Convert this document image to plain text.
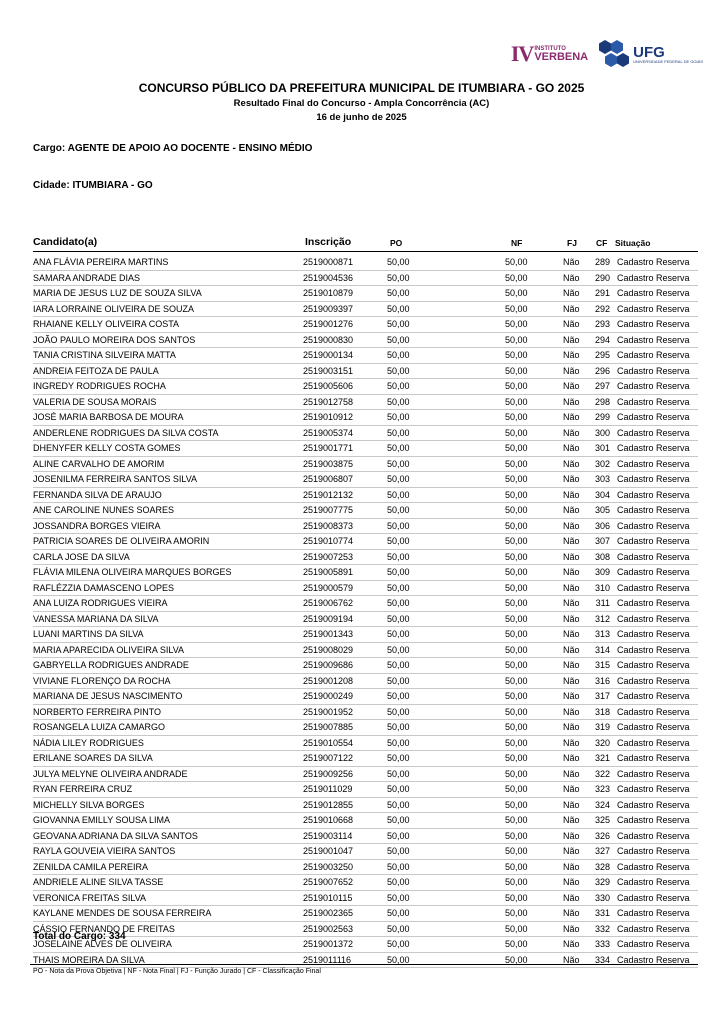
IV INSTITUTO
VERBENA	UFG
UNIVERSIDADE FEDERAL DE GOIÁS
CONCURSO PÚBLICO DA PREFEITURA MUNICIPAL DE ITUMBIARA - GO 2025
Resultado Final do Concurso - Ampla Concorrência (AC)
16 de junho de 2025
Cargo: AGENTE DE APOIO AO DOCENTE - ENSINO MÉDIO
Cidade: ITUMBIARA - GO
Candidato(a)	Inscrição	PO	NF	FJ CF Situação
ANA FLÁVIA PEREIRA MARTINS	2519000871	50,00	50,00	Não	289 Cadastro Reserva
SAMARA ANDRADE DIAS	2519004536	50,00	50,00	Não	290 Cadastro Reserva
MARIA DE JESUS LUZ DE SOUZA SILVA	2519010879	50,00	50,00	Não	291 Cadastro Reserva
IARA LORRAINE OLIVEIRA DE SOUZA	2519009397	50,00	50,00	Não	292 Cadastro Reserva
RHAIANE KELLY OLIVEIRA COSTA	2519001276	50,00	50,00	Não	293 Cadastro Reserva
JOÃO PAULO MOREIRA DOS SANTOS	2519000830	50,00	50,00	Não	294 Cadastro Reserva
TANIA CRISTINA SILVEIRA MATTA	2519000134	50,00	50,00	Não	295 Cadastro Reserva
ANDREIA FEITOZA DE PAULA	2519003151	50,00	50,00	Não	296 Cadastro Reserva
INGREDY RODRIGUES ROCHA	2519005606	50,00	50,00	Não	297 Cadastro Reserva
VALERIA DE SOUSA MORAIS	2519012758	50,00	50,00	Não	298 Cadastro Reserva
JOSÉ MARIA BARBOSA DE MOURA	2519010912	50,00	50,00	Não	299 Cadastro Reserva
ANDERLENE RODRIGUES DA SILVA COSTA	2519005374	50,00	50,00	Não	300 Cadastro Reserva
DHENYFER KELLY COSTA GOMES	2519001771	50,00	50,00	Não	301 Cadastro Reserva
ALINE CARVALHO DE AMORIM	2519003875	50,00	50,00	Não	302 Cadastro Reserva
JOSENILMA FERREIRA SANTOS SILVA	2519006807	50,00	50,00	Não	303 Cadastro Reserva
FERNANDA SILVA DE ARAUJO	2519012132	50,00	50,00	Não	304 Cadastro Reserva
ANE CAROLINE NUNES SOARES	2519007775	50,00	50,00	Não	305 Cadastro Reserva
JOSSANDRA BORGES VIEIRA	2519008373	50,00	50,00	Não	306 Cadastro Reserva
PATRICIA SOARES DE OLIVEIRA AMORIN	2519010774	50,00	50,00	Não	307 Cadastro Reserva
CARLA JOSE DA SILVA	2519007253	50,00	50,00	Não	308 Cadastro Reserva
FLÁVIA MILENA OLIVEIRA MARQUES BORGES	2519005891	50,00	50,00	Não	309 Cadastro Reserva
RAFLÉZZIA DAMASCENO LOPES	2519000579	50,00	50,00	Não	310 Cadastro Reserva
ANA LUIZA RODRIGUES VIEIRA	2519006762	50,00	50,00	Não	311 Cadastro Reserva
VANESSA MARIANA DA SILVA	2519009194	50,00	50,00	Não	312 Cadastro Reserva
LUANI MARTINS DA SILVA	2519001343	50,00	50,00	Não	313 Cadastro Reserva
MARIA APARECIDA OLIVEIRA SILVA	2519008029	50,00	50,00	Não	314 Cadastro Reserva
GABRYELLA RODRIGUES ANDRADE	2519009686	50,00	50,00	Não	315 Cadastro Reserva
VIVIANE FLORENÇO DA ROCHA	2519001208	50,00	50,00	Não	316 Cadastro Reserva
MARIANA DE JESUS NASCIMENTO	2519000249	50,00	50,00	Não	317 Cadastro Reserva
NORBERTO FERREIRA PINTO	2519001952	50,00	50,00	Não	318 Cadastro Reserva
ROSANGELA LUIZA CAMARGO	2519007885	50,00	50,00	Não	319 Cadastro Reserva
NÁDIA LILEY RODRIGUES	2519010554	50,00	50,00	Não	320 Cadastro Reserva
ERILANE SOARES DA SILVA	2519007122	50,00	50,00	Não	321 Cadastro Reserva
JULYA MELYNE OLIVEIRA ANDRADE	2519009256	50,00	50,00	Não	322 Cadastro Reserva
RYAN FERREIRA CRUZ	2519011029	50,00	50,00	Não	323 Cadastro Reserva
MICHELLY SILVA BORGES	2519012855	50,00	50,00	Não	324 Cadastro Reserva
GIOVANNA EMILLY SOUSA LIMA	2519010668	50,00	50,00	Não	325 Cadastro Reserva
GEOVANA ADRIANA DA SILVA SANTOS	2519003114	50,00	50,00	Não	326 Cadastro Reserva
RAYLA GOUVEIA VIEIRA SANTOS	2519001047	50,00	50,00	Não	327 Cadastro Reserva
ZENILDA CAMILA PEREIRA	2519003250	50,00	50,00	Não	328 Cadastro Reserva
ANDRIELE ALINE SILVA TASSE	2519007652	50,00	50,00	Não	329 Cadastro Reserva
VERONICA FREITAS SILVA	2519010115	50,00	50,00	Não	330 Cadastro Reserva
KAYLANE MENDES DE SOUSA FERREIRA	2519002365	50,00	50,00	Não	331 Cadastro Reserva
CÁSSIO FERNANDO DE FREITAS	2519002563	50,00	50,00	Não	332 Cadastro Reserva
JOSELAINE ALVES DE OLIVEIRA	2519001372	50,00	50,00	Não	333 Cadastro Reserva
THAIS MOREIRA DA SILVA	2519011116	50,00	50,00	Não	334 Cadastro Reserva
Total do Cargo: 334
PO - Nota da Prova Objetiva | NF - Nota Final | FJ - Função Jurado | CF - Classificação Final
